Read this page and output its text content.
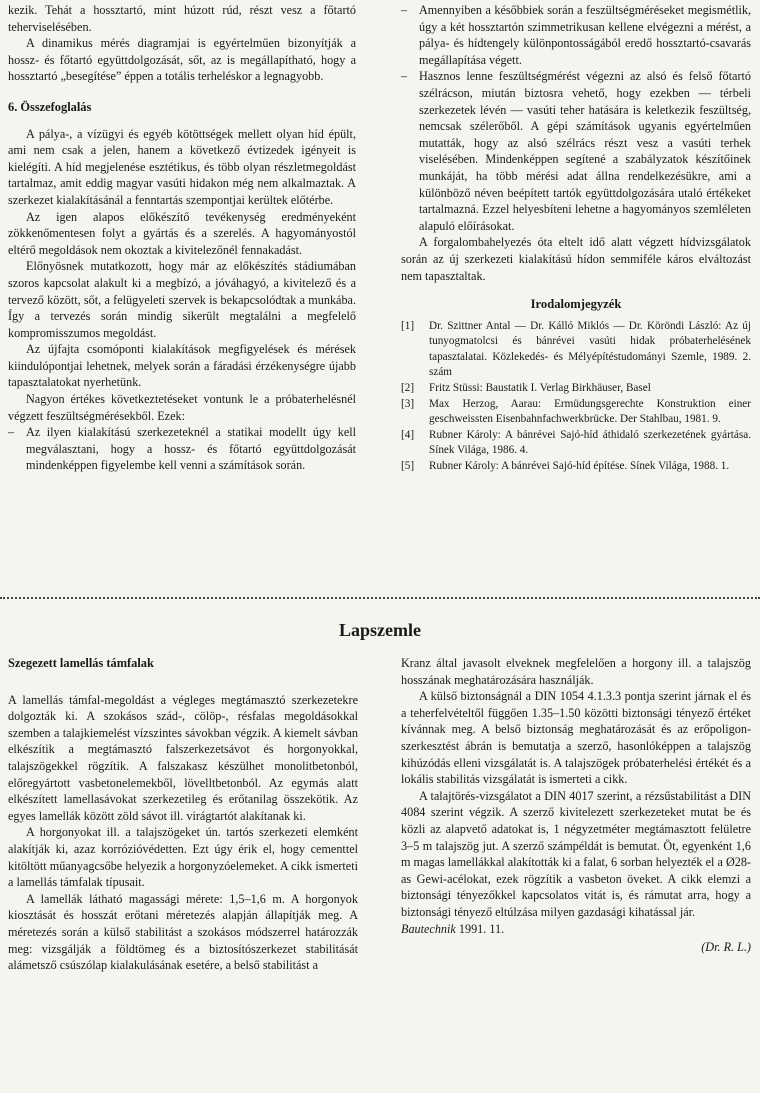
kezik. Tehát a hossztartó, mint húzott rúd, részt vesz a főtartó teherviselésében.

A dinamikus mérés diagramjai is egyértelműen bizonyítják a hossz- és főtartó együttdolgozását, sőt, az is megállapítható, hogy a hossztartó „besegítése” éppen a totális terheléskor a legnagyobb.

6. Összefoglalás

A pálya-, a vízügyi és egyéb kötöttségek mellett olyan híd épült, ami nem csak a jelen, hanem a következő évtizedek igényeit is kielégíti. A híd megjelenése esztétikus, és több olyan részletmegoldást tartalmaz, amit eddig magyar vasúti hidakon még nem alkalmaztak. A szerkezet kialakításánál a fenntartás szempontjai kerültek előtérbe.

Az igen alapos előkészítő tevékenység eredményeként zökkenőmentesen folyt a gyártás és a szerelés. A hagyományostól eltérő megoldások nem okoztak a kivitelezőnél fennakadást.

Előnyösnek mutatkozott, hogy már az előkészítés stádiumában szoros kapcsolat alakult ki a megbízó, a jóváhagyó, a kivitelező és a tervező között, sőt, a felügyeleti szervek is bekapcsolódtak a munkába. Így a tervezés során mindig sikerült megtalálni a megfelelő kompromisszumos megoldást.

Az újfajta csomóponti kialakítások megfigyelések és mérések kiindulópontjai lehetnek, melyek során a fáradási érzékenységre újabb tapasztalatokat nyerhetünk.

Nagyon értékes következtetéseket vontunk le a próbaterhelésnél végzett feszültségmérésekből. Ezek:

– Az ilyen kialakítású szerkezeteknél a statikai modellt úgy kell megválasztani, hogy a hossz- és főtartó együttdolgozását mindenképpen figyelembe kell venni a számítások során.

– Amennyiben a későbbiek során a feszültségméréseket megismétlik, úgy a két hossztartón szimmetrikusan kellene elvégezni a mérést, a pálya- és hídtengely különpontosságából eredő hossztartó-csavarás megállapítása végett.

– Hasznos lenne feszültségmérést végezni az alsó és felső főtartó szélrácson, miután biztosra vehető, hogy ezekben — térbeli szerkezetek lévén — vasúti teher hatására is keletkezik feszültség, nemcsak szélerőből. A gépi számítások ugyanis egyértelműen mutatták, hogy az alsó szélrács részt vesz a vasúti terhek viselésében. Mindenképpen segítené a szabályzatok készítőinek munkáját, ha több mérési adat állna rendelkezésükre, ami a különböző néven beépített tartók együttdolgozására utaló értékeket tartalmazná. Ezzel helyesbíteni lehetne a hagyományos szemléleten alapuló előírásokat.

A forgalombahelyezés óta eltelt idő alatt végzett hídvizsgálatok során az új szerkezeti kialakítású hídon semmiféle káros elváltozást nem tapasztaltak.

Irodalomjegyzék
[1]	Dr. Szittner Antal — Dr. Kálló Miklós — Dr. Köröndi László: Az új tunyogmatolcsi és bánrévei vasúti hidak próbaterhelésének tapasztalatai. Közlekedés- és Mélyépítéstudományi Szemle, 1989. 2. szám
[2]	Fritz Stüssi: Baustatik I. Verlag Birkhäuser, Basel
[3]	Max Herzog, Aarau: Ermüdungsgerechte Konstruktion einer geschweissten Eisenbahnfachwerkbrücke. Der Stahlbau, 1981. 9.
[4]	Rubner Károly: A bánrévei Sajó-híd áthidaló szerkezetének gyártása. Sínek Világa, 1986. 4.
[5]	Rubner Károly: A bánrévei Sajó-híd építése. Sínek Világa, 1988. 1.
Lapszemle
Szegezett lamellás támfalak

A lamellás támfal-megoldást a végleges megtámasztó szerkezetekre dolgozták ki. A szokásos szád-, cölöp-, résfalas megoldásokkal szemben a talajkiemelést vízszintes sávokban végzik. A kiemelt sávban elkészítik a megtámasztó falszerkezetsávot és horgonyokkal, talajszögekkel rögzítik. A falszakasz készülhet monolitbetonból, előregyártott vasbetonelemekből, lövelltbetonból. Az egymás alatt elkészített lamellasávokat szerkezetileg és erőtanilag összekötik. Az egyes lamellák között zöld sávot ill. virágtartót alakítanak ki.

A horgonyokat ill. a talajszögeket ún. tartós szerkezeti elemként alakítják ki, azaz korrózióvédetten. Ezt úgy érik el, hogy cementtel kitöltött műanyagcsőbe helyezik a horgonyzóelemeket. A cikk ismerteti a lamellás támfalak típusait.

A lamellák látható magassági mérete: 1,5–1,6 m. A horgonyok kiosztását és hosszát erőtani méretezés alapján állapítják meg. A méretezés során a külső stabilitást a szokásos módszerrel határozzák meg: vizsgálják a földtömeg és a biztosítószerkezet stabilitását alámetsző csúszólap kialakulásának esetére, a belső stabilitást a

Kranz által javasolt elveknek megfelelően a horgony ill. a talajszög hosszának meghatározására használják.

A külső biztonságnál a DIN 1054 4.1.3.3 pontja szerint járnak el és a teherfelvételtől függően 1.35–1.50 közötti biztonsági tényező értéket kívánnak meg. A belső biztonság meghatározását és az erőpoligon-szerkesztést ábrán is bemutatja a szerző, hasonlóképpen a talajszög kihúzódás elleni vizsgálatát is. A talajszögek próbaterhelési értékét és a lokális stabilitás vizsgálatát is ismerteti a cikk.

A talajtörés-vizsgálatot a DIN 4017 szerint, a rézsűstabilitást a DIN 4084 szerint végzik. A szerző kivitelezett szerkezeteket mutat be és közli az alapvető adatokat is, 1 négyzetméter megtámasztott felületre 3–5 m talajszög jut. A szerző számpéldát is bemutat. Öt, egyenként 1,6 m magas lamellákkal alakították ki a falat, 6 sorban helyezték el a Ø28-as Gewi-acélokat, ezek rögzítik a vasbeton öveket. A cikk elemzi a biztonsági tényezőkkel kapcsolatos vitát is, és rámutat arra, hogy a biztonsági tényező eltúlzása milyen gazdasági kihatással jár.

Bautechnik 1991. 11.

(Dr. R. L.)
